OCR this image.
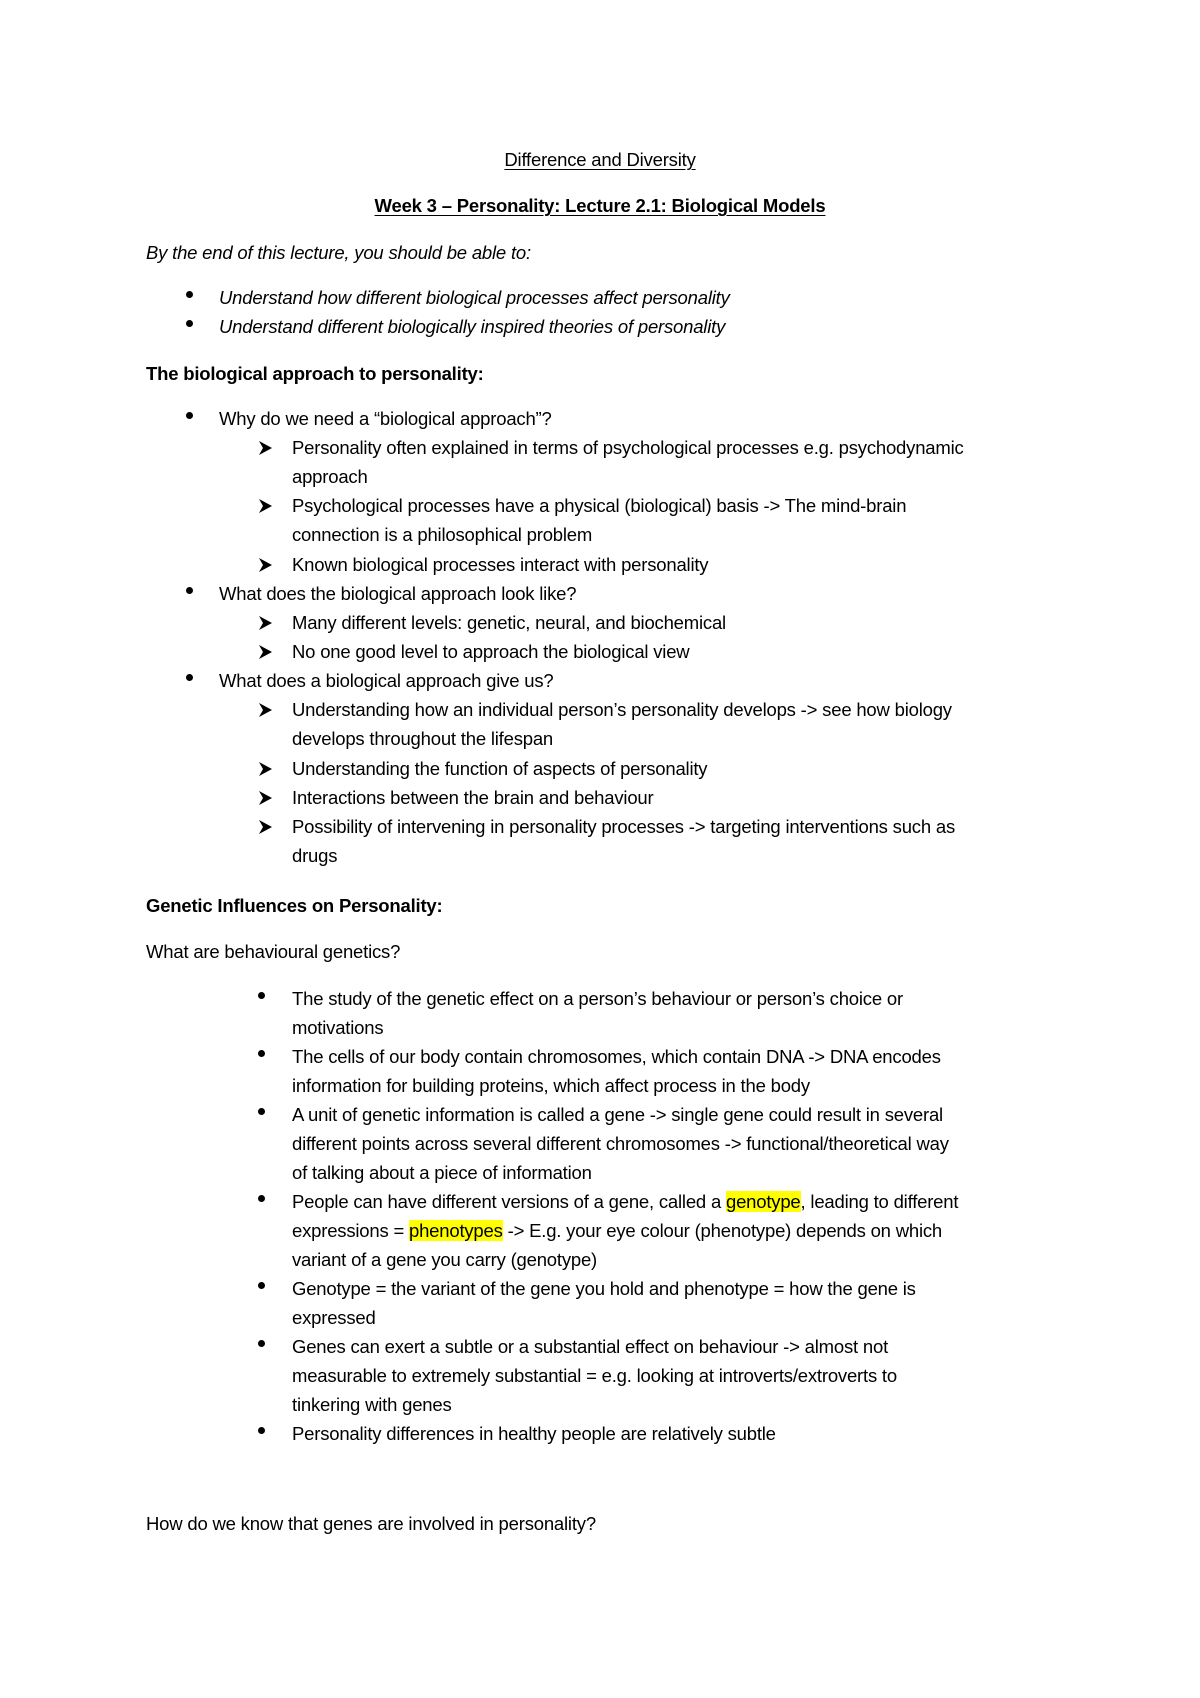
Difference and Diversity
Week 3 – Personality: Lecture 2.1: Biological Models
By the end of this lecture, you should be able to:
Understand how different biological processes affect personality
Understand different biologically inspired theories of personality
The biological approach to personality:
Why do we need a “biological approach”?
Personality often explained in terms of psychological processes e.g. psychodynamic
approach
Psychological processes have a physical (biological) basis -> The mind-brain
connection is a philosophical problem
Known biological processes interact with personality
What does the biological approach look like?
Many different levels: genetic, neural, and biochemical
No one good level to approach the biological view
What does a biological approach give us?
Understanding how an individual person’s personality develops -> see how biology
develops throughout the lifespan
Understanding the function of aspects of personality
Interactions between the brain and behaviour
Possibility of intervening in personality processes -> targeting interventions such as
drugs
Genetic Influences on Personality:
What are behavioural genetics?
The study of the genetic effect on a person’s behaviour or person’s choice or
motivations
The cells of our body contain chromosomes, which contain DNA -> DNA encodes
information for building proteins, which affect process in the body
A unit of genetic information is called a gene -> single gene could result in several
different points across several different chromosomes -> functional/theoretical way
of talking about a piece of information
People can have different versions of a gene, called a genotype, leading to different
expressions = phenotypes -> E.g. your eye colour (phenotype) depends on which
variant of a gene you carry (genotype)
Genotype = the variant of the gene you hold and phenotype = how the gene is
expressed
Genes can exert a subtle or a substantial effect on behaviour -> almost not
measurable to extremely substantial = e.g. looking at introverts/extroverts to
tinkering with genes
Personality differences in healthy people are relatively subtle
How do we know that genes are involved in personality?
